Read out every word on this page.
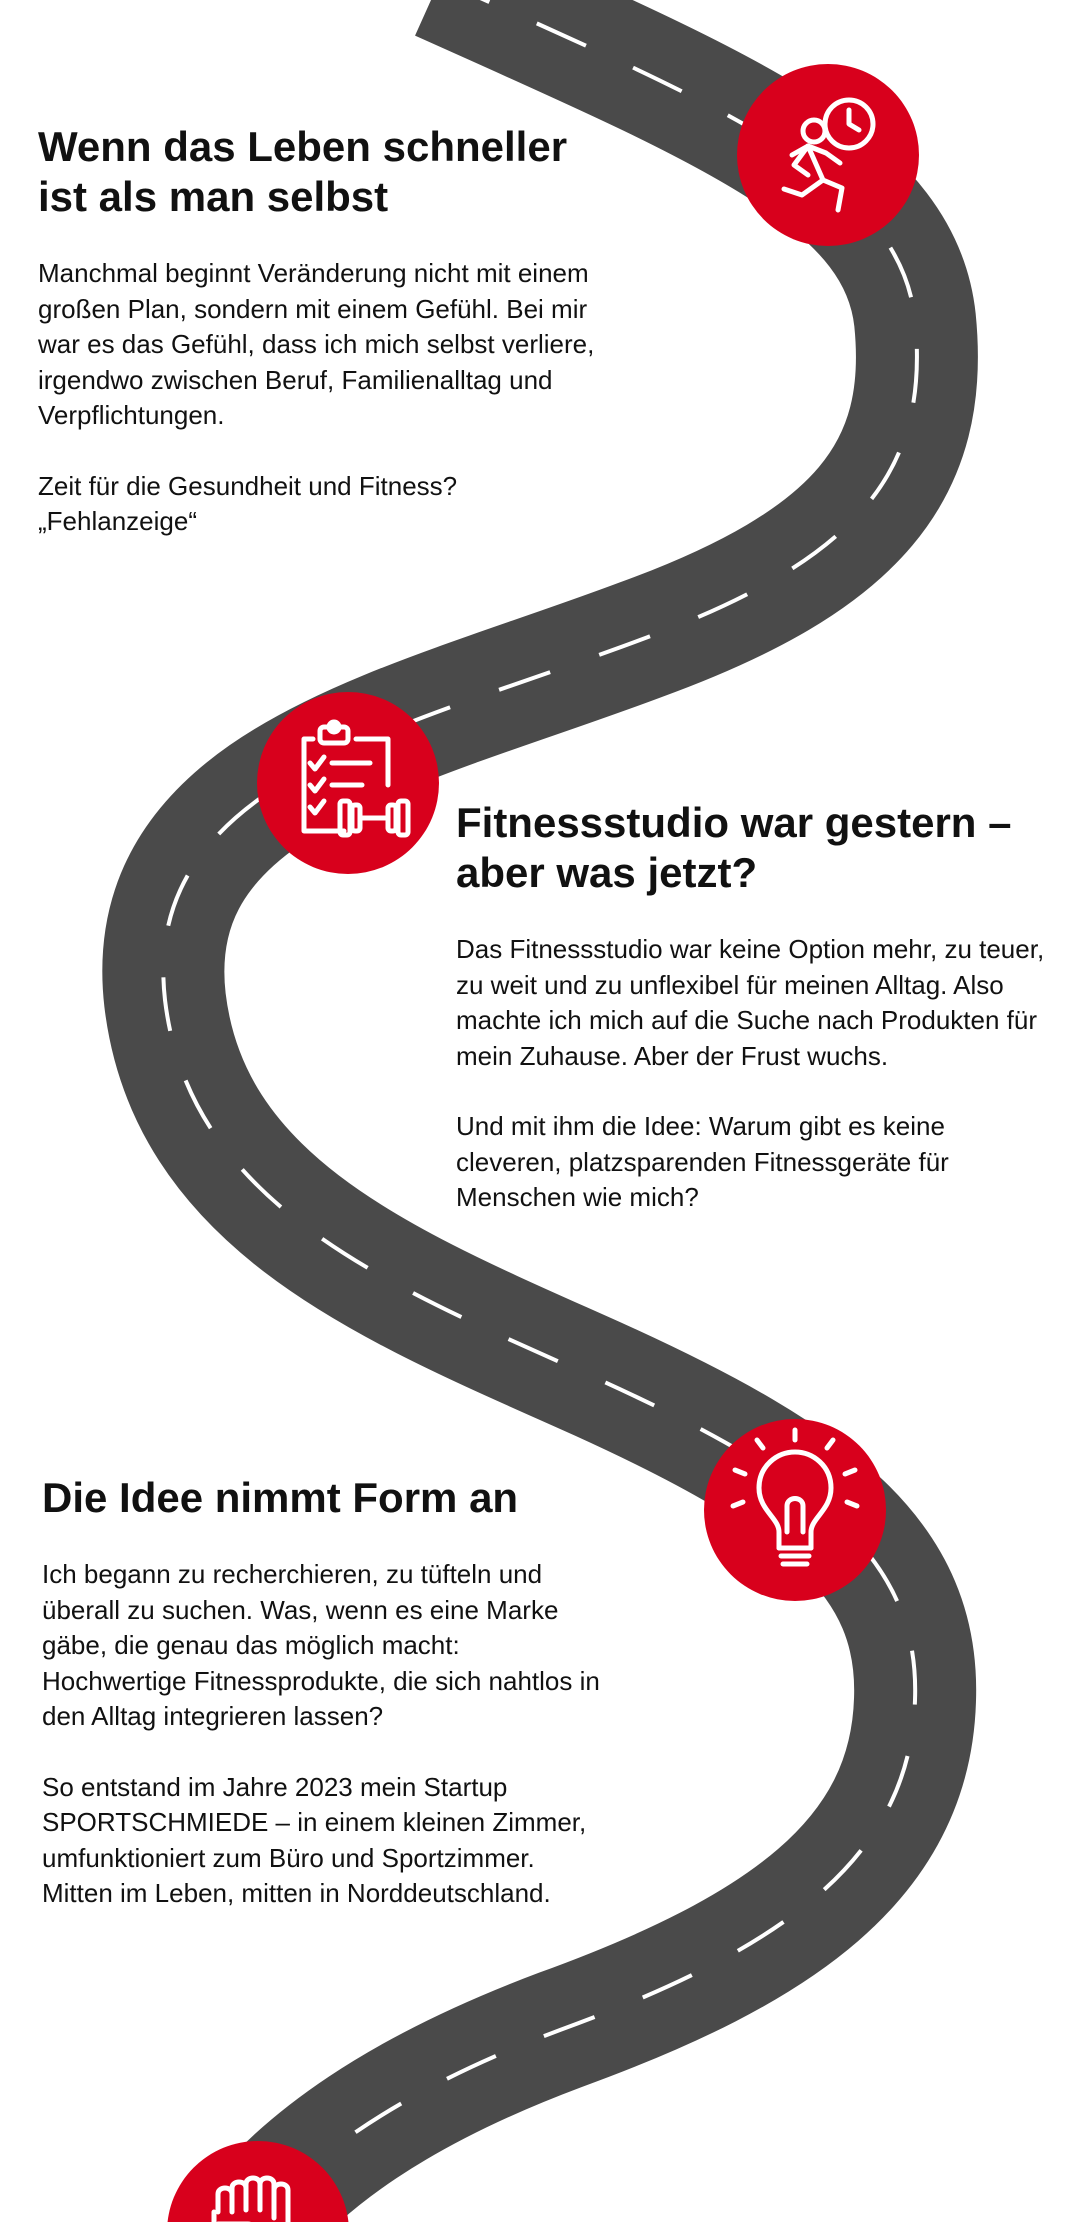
Wenn das Leben schneller
ist als man selbst

Manchmal beginnt Veränderung nicht mit einem großen Plan, sondern mit einem Gefühl. Bei mir war es das Gefühl, dass ich mich selbst verliere, irgendwo zwischen Beruf, Familienalltag und Verpflichtungen.

Zeit für die Gesundheit und Fitness? „Fehlanzeige“

Fitnessstudio war gestern –
aber was jetzt?

Das Fitnessstudio war keine Option mehr, zu teuer, zu weit und zu unflexibel für meinen Alltag. Also machte ich mich auf die Suche nach Produkten für mein Zuhause. Aber der Frust wuchs.

Und mit ihm die Idee: Warum gibt es keine cleveren, platzsparenden Fitnessgeräte für Menschen wie mich?

Die Idee nimmt Form an

Ich begann zu recherchieren, zu tüfteln und überall zu suchen. Was, wenn es eine Marke gäbe, die genau das möglich macht: Hochwertige Fitnessprodukte, die sich nahtlos in den Alltag integrieren lassen?

So entstand im Jahre 2023 mein Startup SPORTSCHMIEDE – in einem kleinen Zimmer, umfunktioniert zum Büro und Sportzimmer. Mitten im Leben, mitten in Norddeutschland.
